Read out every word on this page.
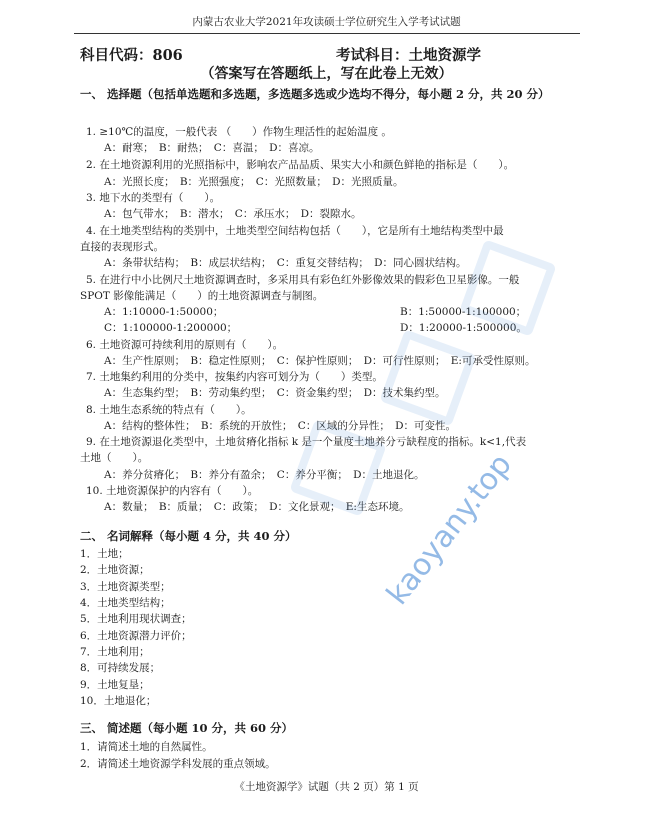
内蒙古农业大学2021年攻读硕士学位研究生入学考试试题
科目代码：806	考试科目：土地资源学
（答案写在答题纸上，写在此卷上无效）
一、 选择题（包括单选题和多选题，多选题多选或少选均不得分，每小题 2 分，共 20 分）
1. ≥10℃的温度，一般代表 （　　）作物生理活性的起始温度 。
A：耐寒；　B：耐热；　C：喜温；　D：喜凉。
2. 在土地资源利用的光照指标中，影响农产品品质、果实大小和颜色鲜艳的指标是（　　）。
A：光照长度；　B：光照强度；　C：光照数量；　D：光照质量。
3. 地下水的类型有（　　）。
A：包气带水；　B：潜水；　C：承压水；　D：裂隙水。
4. 在土地类型结构的类别中，土地类型空间结构包括（　　），它是所有土地结构类型中最
直接的表现形式。
A：条带状结构；　B：成层状结构；　C：重复交替结构；　D：同心圆状结构。
5. 在进行中小比例尺土地资源调查时，多采用具有彩色红外影像效果的假彩色卫星影像。一般
SPOT 影像能满足（　　）的土地资源调查与制图。
A：1:10000-1:50000；	B：1:50000-1:100000；
C：1:100000-1:200000；	D：1:20000-1:500000。
6. 土地资源可持续利用的原则有（　　）。
A：生产性原则；　B：稳定性原则；　C：保护性原则；　D：可行性原则；　E:可承受性原则。
7. 土地集约利用的分类中，按集约内容可划分为（　　）类型。
A：生态集约型；　B：劳动集约型；　C：资金集约型；　D：技术集约型。
8. 土地生态系统的特点有（　　）。
A：结构的整体性；　B：系统的开放性；　C：区域的分异性；　D：可变性。
9. 在土地资源退化类型中，土地贫瘠化指标 k 是一个量度土地养分亏缺程度的指标。k<1,代表
土地（　　）。
A：养分贫瘠化；　B：养分有盈余；　C：养分平衡；　D：土地退化。
10. 土地资源保护的内容有（　　）。
A：数量；　B：质量；　C：政策；　D：文化景观；　E:生态环境。
二、 名词解释（每小题 4 分，共 40 分）
1．土地；
2．土地资源；
3．土地资源类型；
4．土地类型结构；
5．土地利用现状调查；
6．土地资源潜力评价；
7．土地利用；
8．可持续发展；
9．土地复垦；
10．土地退化；
三、 简述题（每小题 10 分，共 60 分）
1．请简述土地的自然属性。
2．请简述土地资源学科发展的重点领域。
《土地资源学》试题（共 2 页）第 1 页
kaoyany.top
